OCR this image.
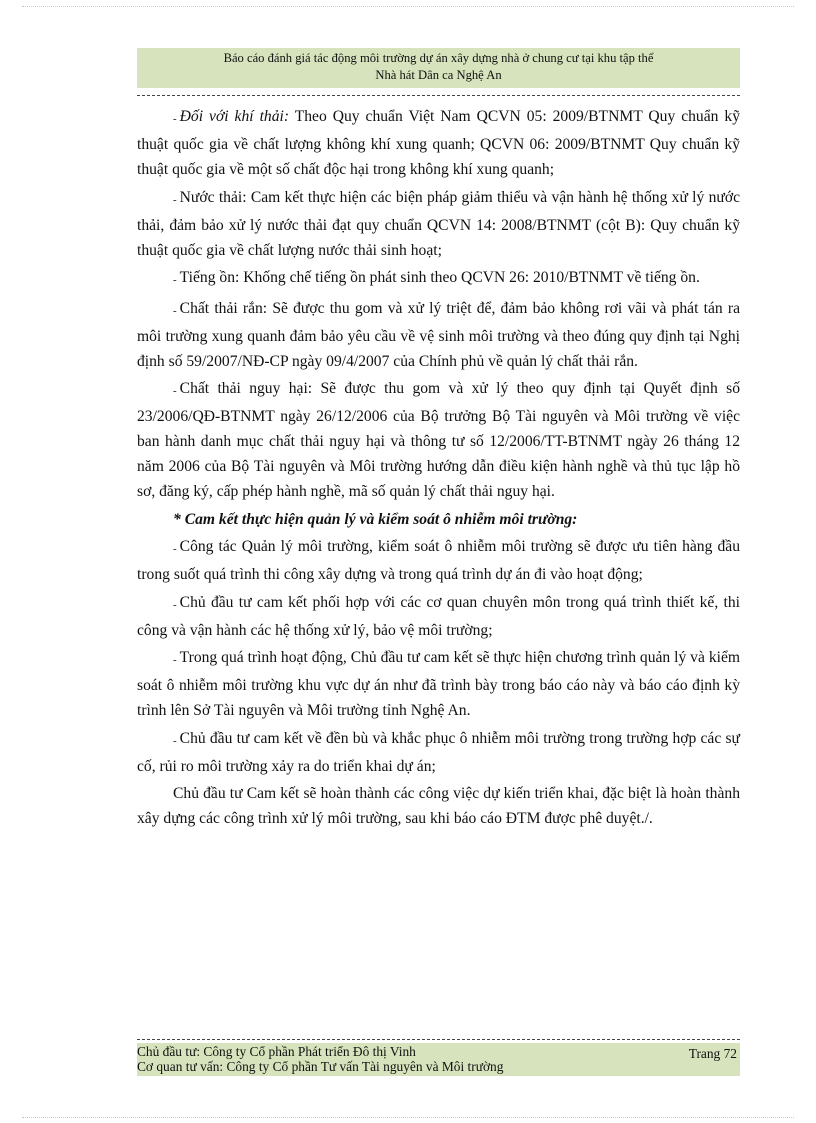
Báo cáo đánh giá tác động môi trường dự án xây dựng nhà ở chung cư tại khu tập thể
Nhà hát Dân ca Nghệ An

- Đối với khí thải: Theo Quy chuẩn Việt Nam QCVN 05: 2009/BTNMT Quy chuẩn kỹ thuật quốc gia về chất lượng không khí xung quanh; QCVN 06: 2009/BTNMT Quy chuẩn kỹ thuật quốc gia về một số chất độc hại trong không khí xung quanh;

- Nước thải: Cam kết thực hiện các biện pháp giảm thiểu và vận hành hệ thống xử lý nước thải, đảm bảo xử lý nước thải đạt quy chuẩn QCVN 14: 2008/BTNMT (cột B): Quy chuẩn kỹ thuật quốc gia về chất lượng nước thải sinh hoạt;

- Tiếng ồn: Khống chế tiếng ồn phát sinh theo QCVN 26: 2010/BTNMT về tiếng ồn.

- Chất thải rắn: Sẽ được thu gom và xử lý triệt để, đảm bảo không rơi vãi và phát tán ra môi trường xung quanh đảm bảo yêu cầu về vệ sinh môi trường và theo đúng quy định tại Nghị định số 59/2007/NĐ-CP ngày 09/4/2007 của Chính phủ về quản lý chất thải rắn.

- Chất thải nguy hại: Sẽ được thu gom và xử lý theo quy định tại Quyết định số 23/2006/QĐ-BTNMT ngày 26/12/2006 của Bộ trưởng Bộ Tài nguyên và Môi trường về việc ban hành danh mục chất thải nguy hại và thông tư số 12/2006/TT-BTNMT ngày 26 tháng 12 năm 2006 của Bộ Tài nguyên và Môi trường hướng dẫn điều kiện hành nghề và thủ tục lập hồ sơ, đăng ký, cấp phép hành nghề, mã số quản lý chất thải nguy hại.

* Cam kết thực hiện quản lý và kiểm soát ô nhiễm môi trường:

- Công tác Quản lý môi trường, kiểm soát ô nhiễm môi trường sẽ được ưu tiên hàng đầu trong suốt quá trình thi công xây dựng và trong quá trình dự án đi vào hoạt động;

- Chủ đầu tư cam kết phối hợp với các cơ quan chuyên môn trong quá trình thiết kế, thi công và vận hành các hệ thống xử lý, bảo vệ môi trường;

- Trong quá trình hoạt động, Chủ đầu tư cam kết sẽ thực hiện chương trình quản lý và kiểm soát ô nhiễm môi trường khu vực dự án như đã trình bày trong báo cáo này và báo cáo định kỳ trình lên Sở Tài nguyên và Môi trường tỉnh Nghệ An.

- Chủ đầu tư cam kết về đền bù và khắc phục ô nhiễm môi trường trong trường hợp các sự cố, rủi ro môi trường xảy ra do triển khai dự án;

Chủ đầu tư Cam kết sẽ hoàn thành các công việc dự kiến triển khai, đặc biệt là hoàn thành xây dựng các công trình xử lý môi trường, sau khi báo cáo ĐTM được phê duyệt./.

Chủ đầu tư: Công ty Cổ phần Phát triển Đô thị Vinh
Cơ quan tư vấn: Công ty Cổ phần Tư vấn Tài nguyên và Môi trường
Trang 72
